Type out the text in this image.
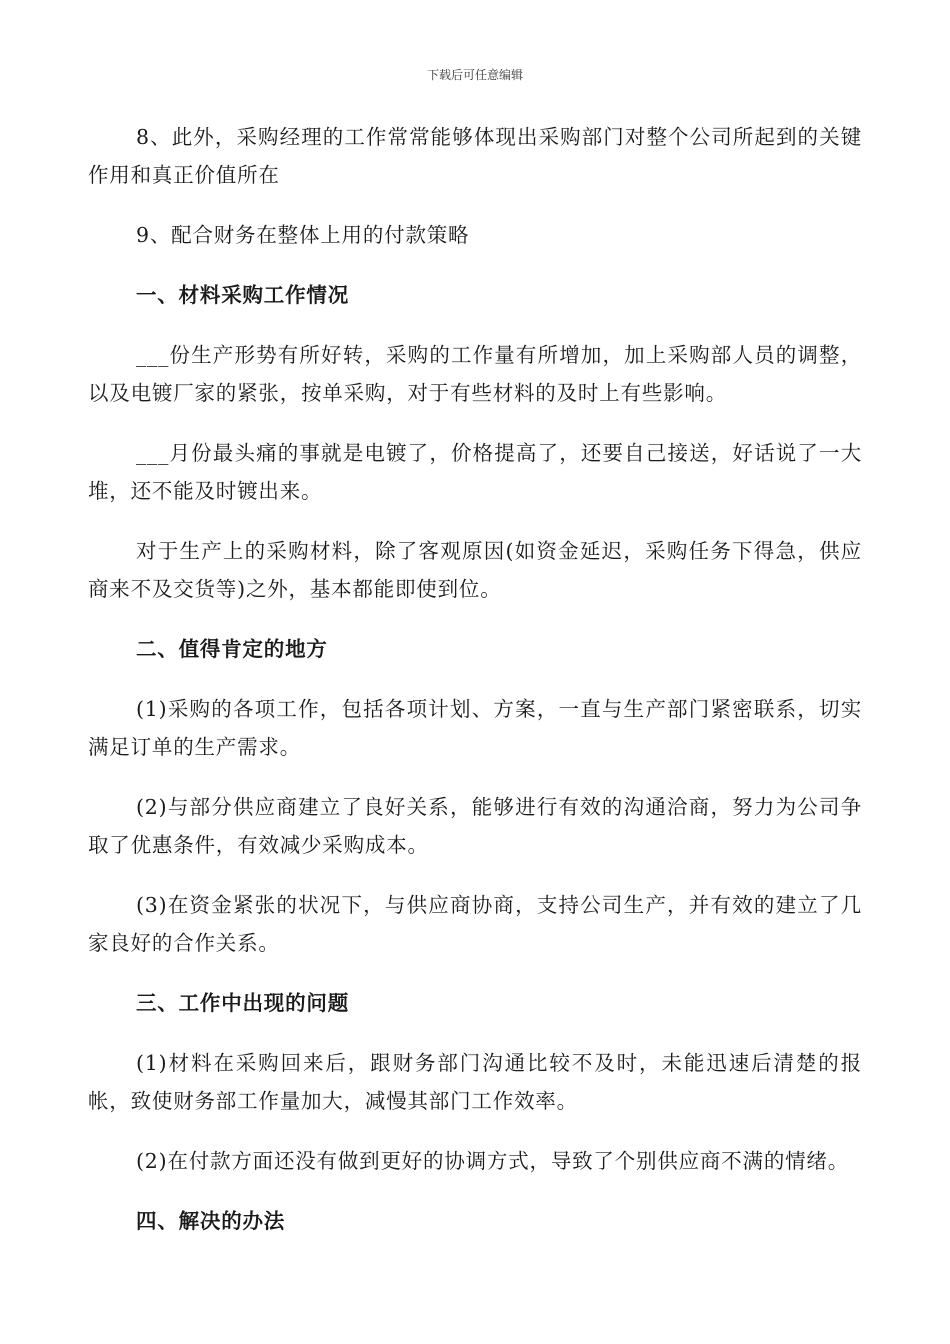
下载后可任意编辑

8、此外，采购经理的工作常常能够体现出采购部门对整个公司所起到的关键作用和真正价值所在

9、配合财务在整体上用的付款策略

一、材料采购工作情况

___份生产形势有所好转，采购的工作量有所增加，加上采购部人员的调整，以及电镀厂家的紧张，按单采购，对于有些材料的及时上有些影响。

___月份最头痛的事就是电镀了，价格提高了，还要自己接送，好话说了一大堆，还不能及时镀出来。

对于生产上的采购材料，除了客观原因(如资金延迟，采购任务下得急，供应商来不及交货等)之外，基本都能即使到位。

二、值得肯定的地方

(1)采购的各项工作，包括各项计划、方案，一直与生产部门紧密联系，切实满足订单的生产需求。

(2)与部分供应商建立了良好关系，能够进行有效的沟通洽商，努力为公司争取了优惠条件，有效减少采购成本。

(3)在资金紧张的状况下，与供应商协商，支持公司生产，并有效的建立了几家良好的合作关系。

三、工作中出现的问题

(1)材料在采购回来后，跟财务部门沟通比较不及时，未能迅速后清楚的报帐，致使财务部工作量加大，减慢其部门工作效率。

(2)在付款方面还没有做到更好的协调方式，导致了个别供应商不满的情绪。

四、解决的办法
